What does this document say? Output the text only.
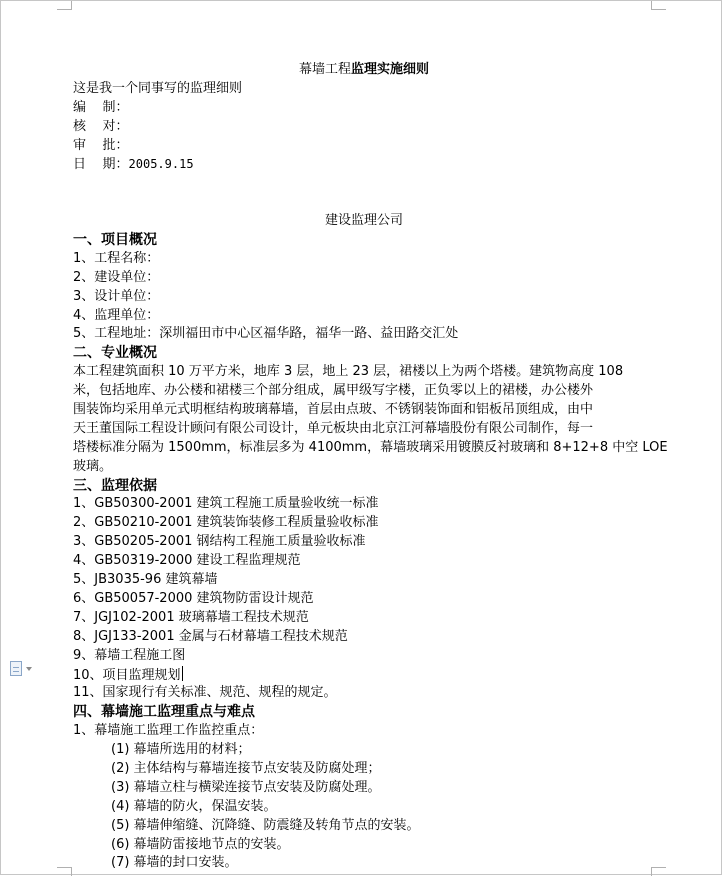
幕墙工程监理实施细则
这是我一个同事写的监理细则
编    制：
核    对：
审    批：
日    期：2005.9.15
建设监理公司
一、项目概况
1、工程名称：
2、建设单位：
3、设计单位：
4、监理单位：
5、工程地址：深圳福田市中心区福华路，福华一路、益田路交汇处
二、专业概况
本工程建筑面积 10 万平方米，地库 3 层，地上 23 层，裙楼以上为两个塔楼。建筑物高度 108
米，包括地库、办公楼和裙楼三个部分组成，属甲级写字楼，正负零以上的裙楼，办公楼外
围装饰均采用单元式明框结构玻璃幕墙，首层由点玻、不锈钢装饰面和铝板吊顶组成，由中
天王董国际工程设计顾问有限公司设计，单元板块由北京江河幕墙股份有限公司制作，每一
塔楼标准分隔为 1500mm，标准层多为 4100mm，幕墙玻璃采用镀膜反衬玻璃和 8+12+8 中空 LOE
玻璃。
三、监理依据
1、GB50300-2001 建筑工程施工质量验收统一标准
2、GB50210-2001 建筑装饰装修工程质量验收标准
3、GB50205-2001 钢结构工程施工质量验收标准
4、GB50319-2000 建设工程监理规范
5、JB3035-96 建筑幕墙
6、GB50057-2000 建筑物防雷设计规范
7、JGJ102-2001 玻璃幕墙工程技术规范
8、JGJ133-2001 金属与石材幕墙工程技术规范
9、幕墙工程施工图
10、项目监理规划
11、国家现行有关标准、规范、规程的规定。
四、幕墙施工监理重点与难点
1、幕墙施工监理工作监控重点：
(1) 幕墙所选用的材料；
(2) 主体结构与幕墙连接节点安装及防腐处理；
(3) 幕墙立柱与横梁连接节点安装及防腐处理。
(4) 幕墙的防火，保温安装。
(5) 幕墙伸缩缝、沉降缝、防震缝及转角节点的安装。
(6) 幕墙防雷接地节点的安装。
(7) 幕墙的封口安装。
